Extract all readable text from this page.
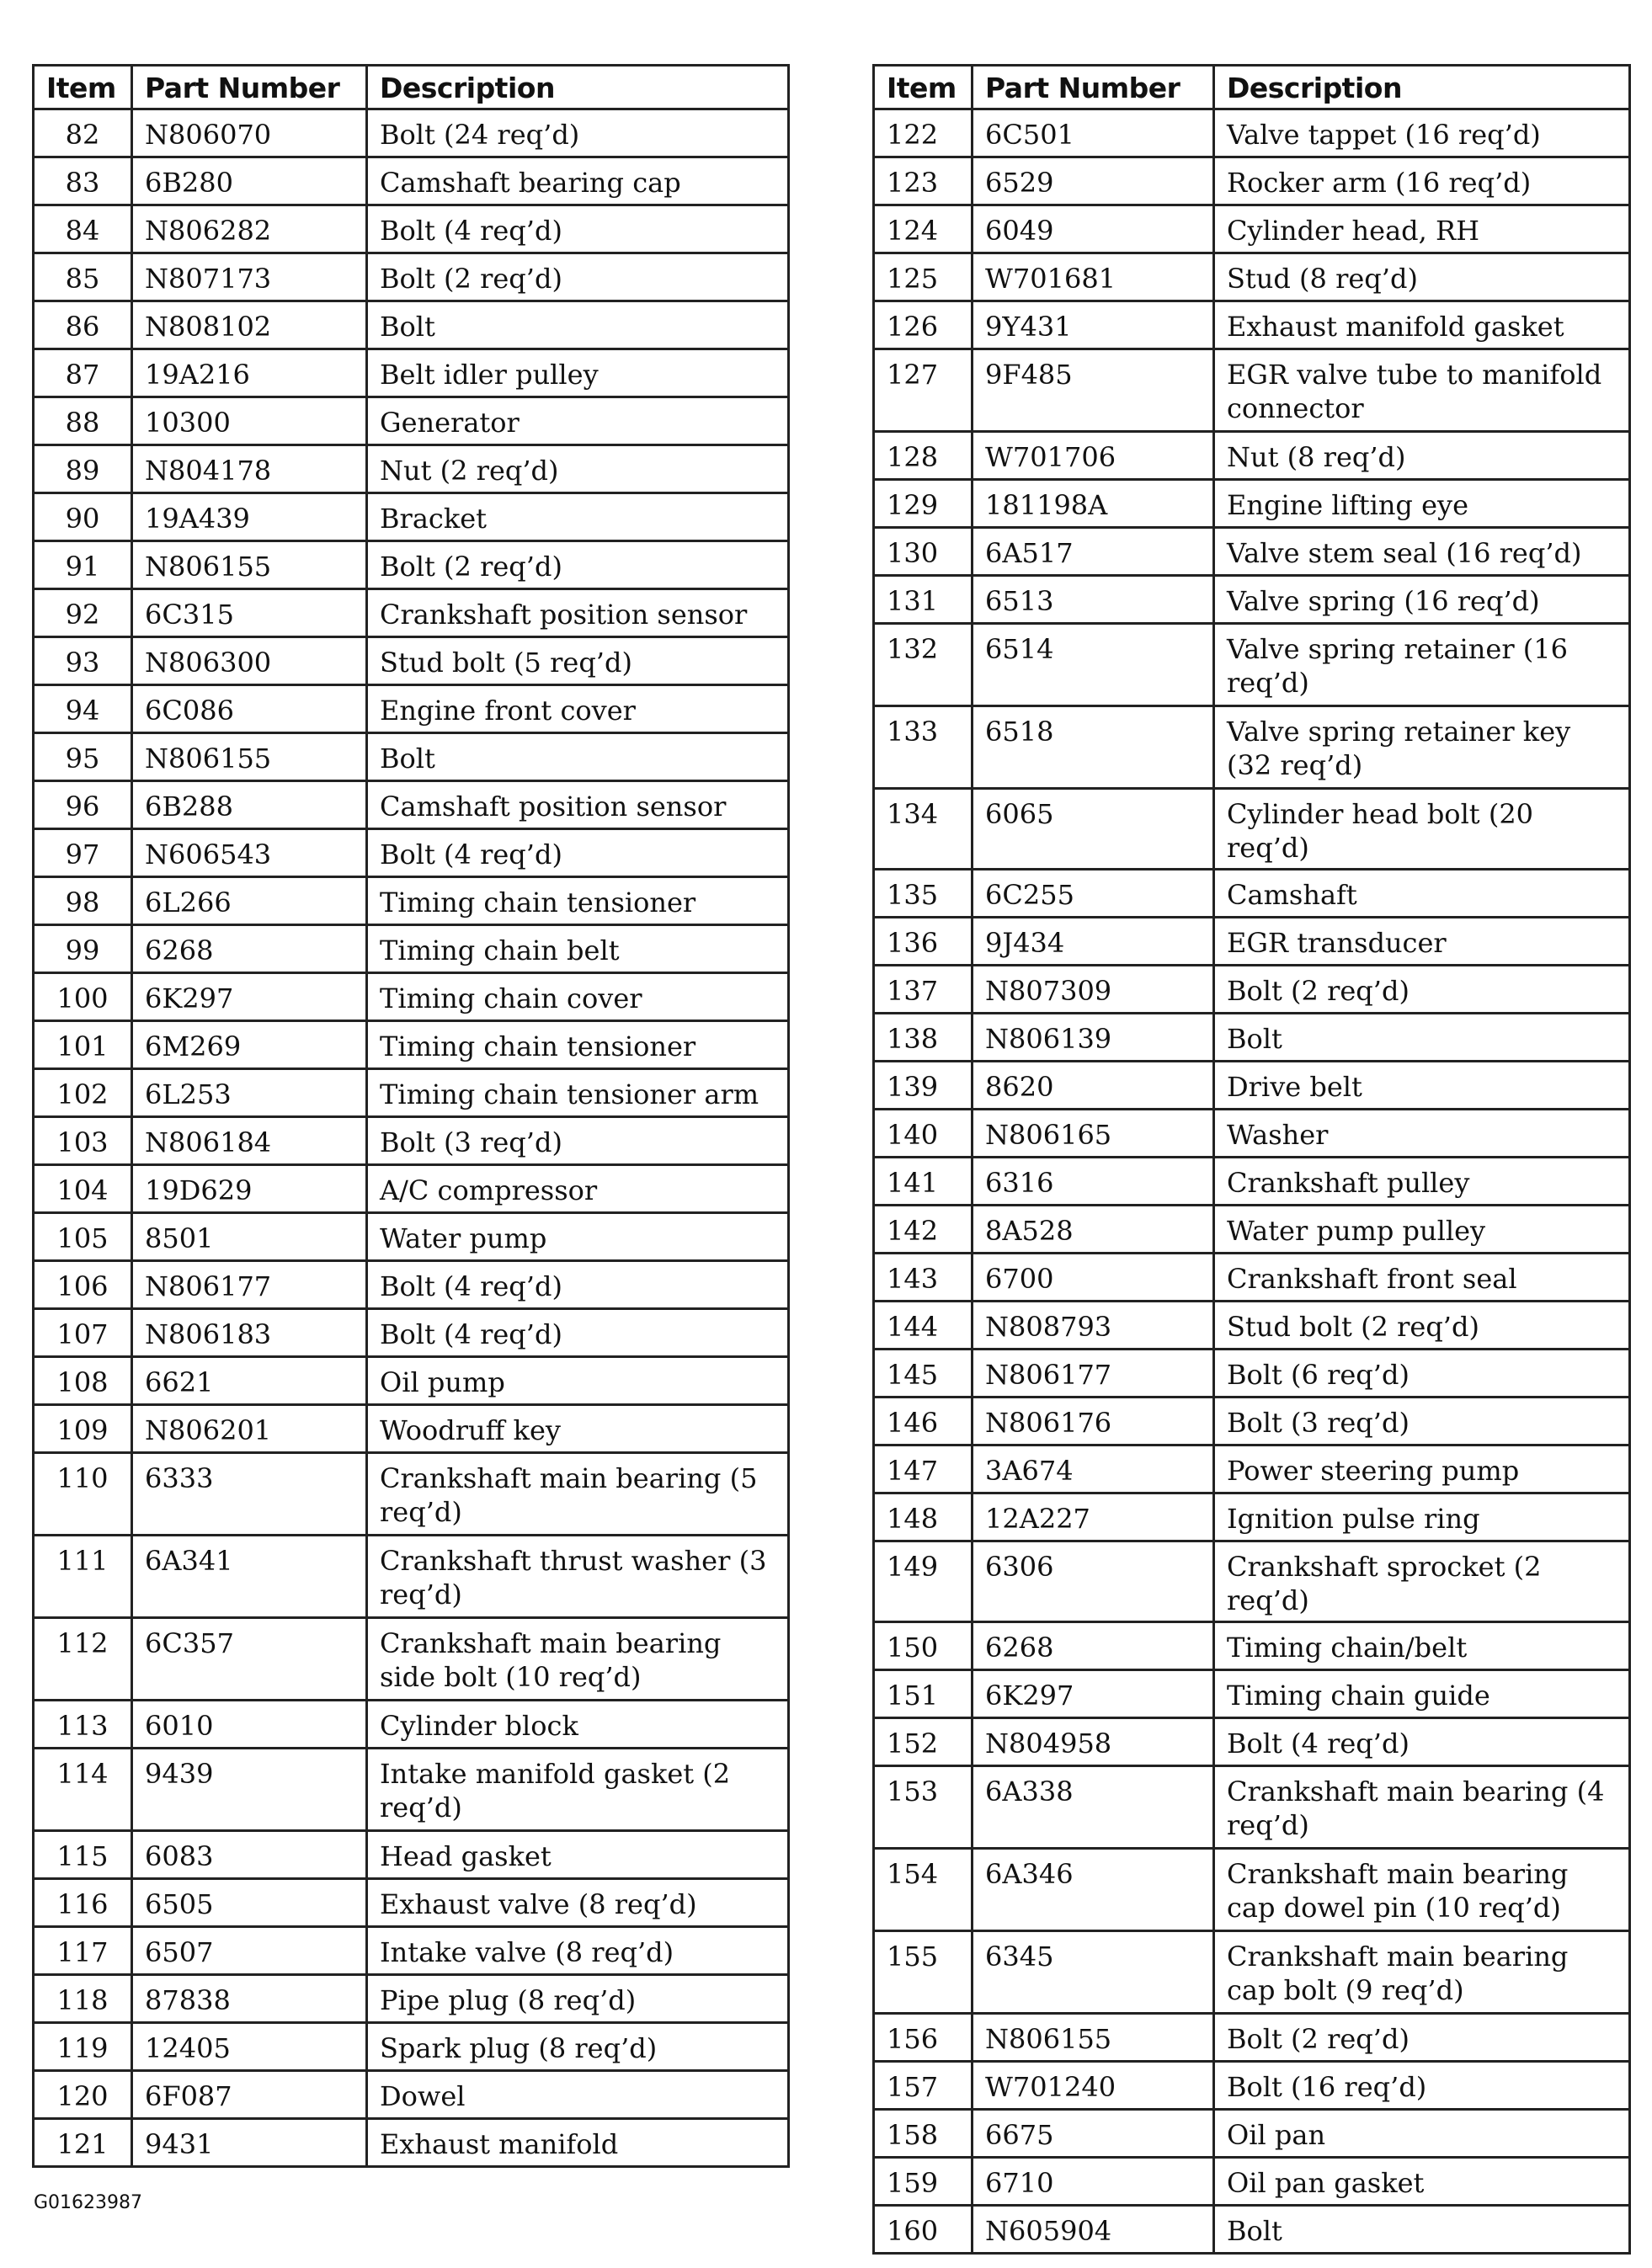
Item	Part Number	Description
82	N806070	Bolt (24 req’d)
83	6B280	Camshaft bearing cap
84	N806282	Bolt (4 req’d)
85	N807173	Bolt (2 req’d)
86	N808102	Bolt
87	19A216	Belt idler pulley
88	10300	Generator
89	N804178	Nut (2 req’d)
90	19A439	Bracket
91	N806155	Bolt (2 req’d)
92	6C315	Crankshaft position sensor
93	N806300	Stud bolt (5 req’d)
94	6C086	Engine front cover
95	N806155	Bolt
96	6B288	Camshaft position sensor
97	N606543	Bolt (4 req’d)
98	6L266	Timing chain tensioner
99	6268	Timing chain belt
100	6K297	Timing chain cover
101	6M269	Timing chain tensioner
102	6L253	Timing chain tensioner arm
103	N806184	Bolt (3 req’d)
104	19D629	A/C compressor
105	8501	Water pump
106	N806177	Bolt (4 req’d)
107	N806183	Bolt (4 req’d)
108	6621	Oil pump
109	N806201	Woodruff key
110	6333	Crankshaft main bearing (5 req’d)
111	6A341	Crankshaft thrust washer (3 req’d)
112	6C357	Crankshaft main bearing side bolt (10 req’d)
113	6010	Cylinder block
114	9439	Intake manifold gasket (2 req’d)
115	6083	Head gasket
116	6505	Exhaust valve (8 req’d)
117	6507	Intake valve (8 req’d)
118	87838	Pipe plug (8 req’d)
119	12405	Spark plug (8 req’d)
120	6F087	Dowel
121	9431	Exhaust manifold
Item	Part Number	Description
122	6C501	Valve tappet (16 req’d)
123	6529	Rocker arm (16 req’d)
124	6049	Cylinder head, RH
125	W701681	Stud (8 req’d)
126	9Y431	Exhaust manifold gasket
127	9F485	EGR valve tube to manifold connector
128	W701706	Nut (8 req’d)
129	181198A	Engine lifting eye
130	6A517	Valve stem seal (16 req’d)
131	6513	Valve spring (16 req’d)
132	6514	Valve spring retainer (16 req’d)
133	6518	Valve spring retainer key (32 req’d)
134	6065	Cylinder head bolt (20 req’d)
135	6C255	Camshaft
136	9J434	EGR transducer
137	N807309	Bolt (2 req’d)
138	N806139	Bolt
139	8620	Drive belt
140	N806165	Washer
141	6316	Crankshaft pulley
142	8A528	Water pump pulley
143	6700	Crankshaft front seal
144	N808793	Stud bolt (2 req’d)
145	N806177	Bolt (6 req’d)
146	N806176	Bolt (3 req’d)
147	3A674	Power steering pump
148	12A227	Ignition pulse ring
149	6306	Crankshaft sprocket (2 req’d)
150	6268	Timing chain/belt
151	6K297	Timing chain guide
152	N804958	Bolt (4 req’d)
153	6A338	Crankshaft main bearing (4 req’d)
154	6A346	Crankshaft main bearing cap dowel pin (10 req’d)
155	6345	Crankshaft main bearing cap bolt (9 req’d)
156	N806155	Bolt (2 req’d)
157	W701240	Bolt (16 req’d)
158	6675	Oil pan
159	6710	Oil pan gasket
160	N605904	Bolt
G01623987
